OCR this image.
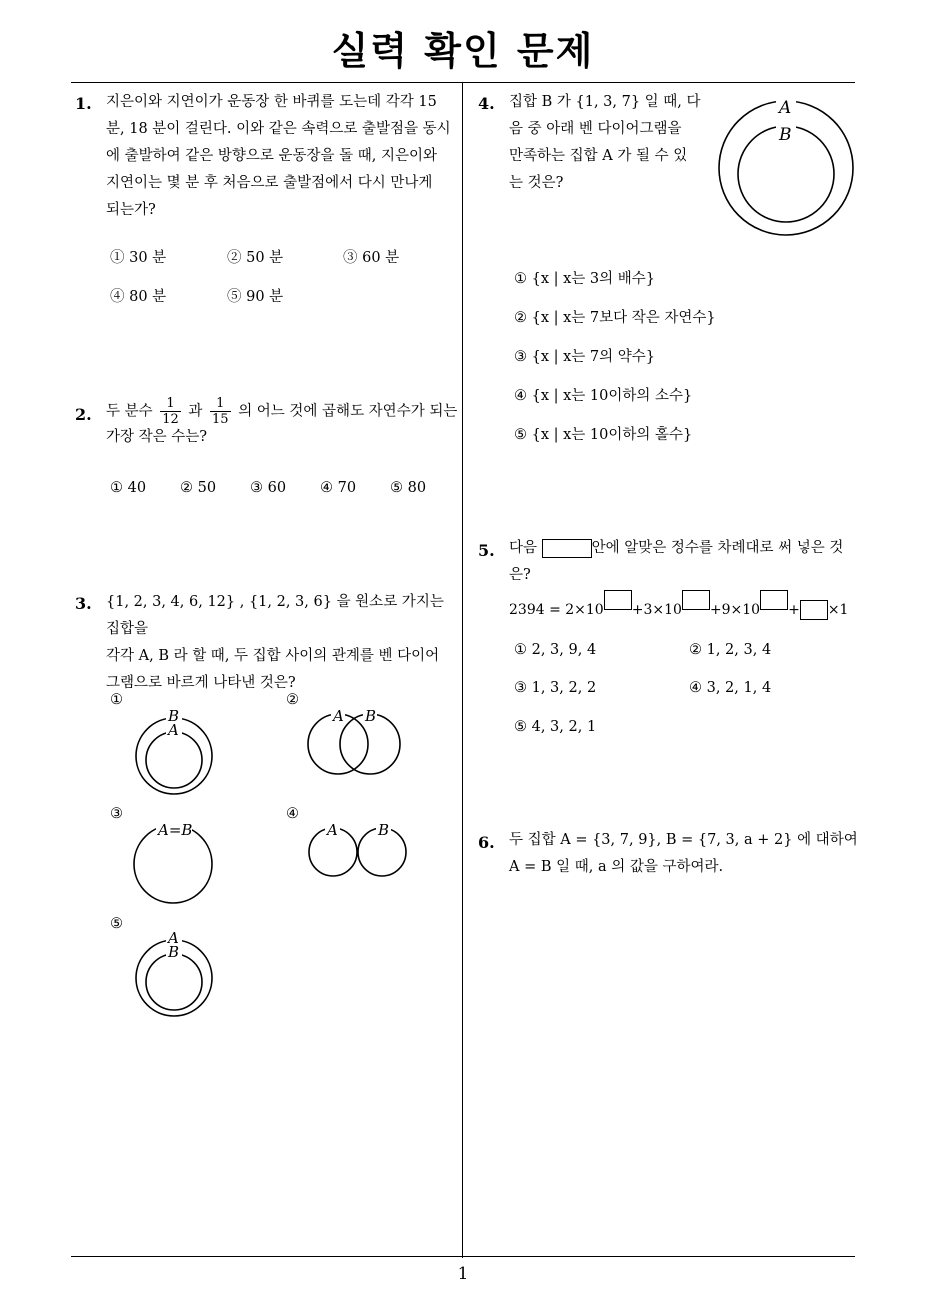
실력 확인 문제
1
1. 지은이와 지연이가 운동장 한 바퀴를 도는데 각각 15
분, 18 분이 걸린다. 이와 같은 속력으로 출발점을 동시
에 출발하여 같은 방향으로 운동장을 돌 때, 지은이와
지연이는 몇 분 후 처음으로 출발점에서 다시 만나게
되는가?
① 30 분	② 50 분	③ 60 분
④ 80 분	⑤ 90 분
2. 두 분수 $\frac{1}{12}$ 과 $\frac{1}{15}$ 의 어느 것에 곱해도 자연수가 되는
가장 작은 수는?
① 40 ② 50 ③ 60 ④ 70 ⑤ 80
3. {1, 2, 3, 4, 6, 12} , {1, 2, 3, 6} 을 원소로 가지는 집합을
각각 A, B 라 할 때, 두 집합 사이의 관계를 벤 다이어
그램으로 바르게 나타낸 것은?
①	②
③	④
⑤
B
A
A B
A=B	A	B
A
B
A
B
4. 집합 B 가 {1, 3, 7} 일 때, 다
음 중 아래 벤 다이어그램을
만족하는 집합 A 가 될 수 있
는 것은?
① {x | x는 3의 배수}
② {x | x는 7보다 작은 자연수}
③ {x | x는 7의 약수}
④ {x | x는 10이하의 소수}
⑤ {x | x는 10이하의 홀수}
5. 다음	안에 알맞은 정수를 차례대로 써 넣은 것
은?
2394 = 2×10 +3×10 +9×10 + ×1
① 2, 3, 9, 4	② 1, 2, 3, 4
③ 1, 3, 2, 2	④ 3, 2, 1, 4
⑤ 4, 3, 2, 1
6. 두 집합 A = {3, 7, 9}, B = {7, 3, a + 2} 에 대하여
A = B 일 때, a 의 값을 구하여라.
